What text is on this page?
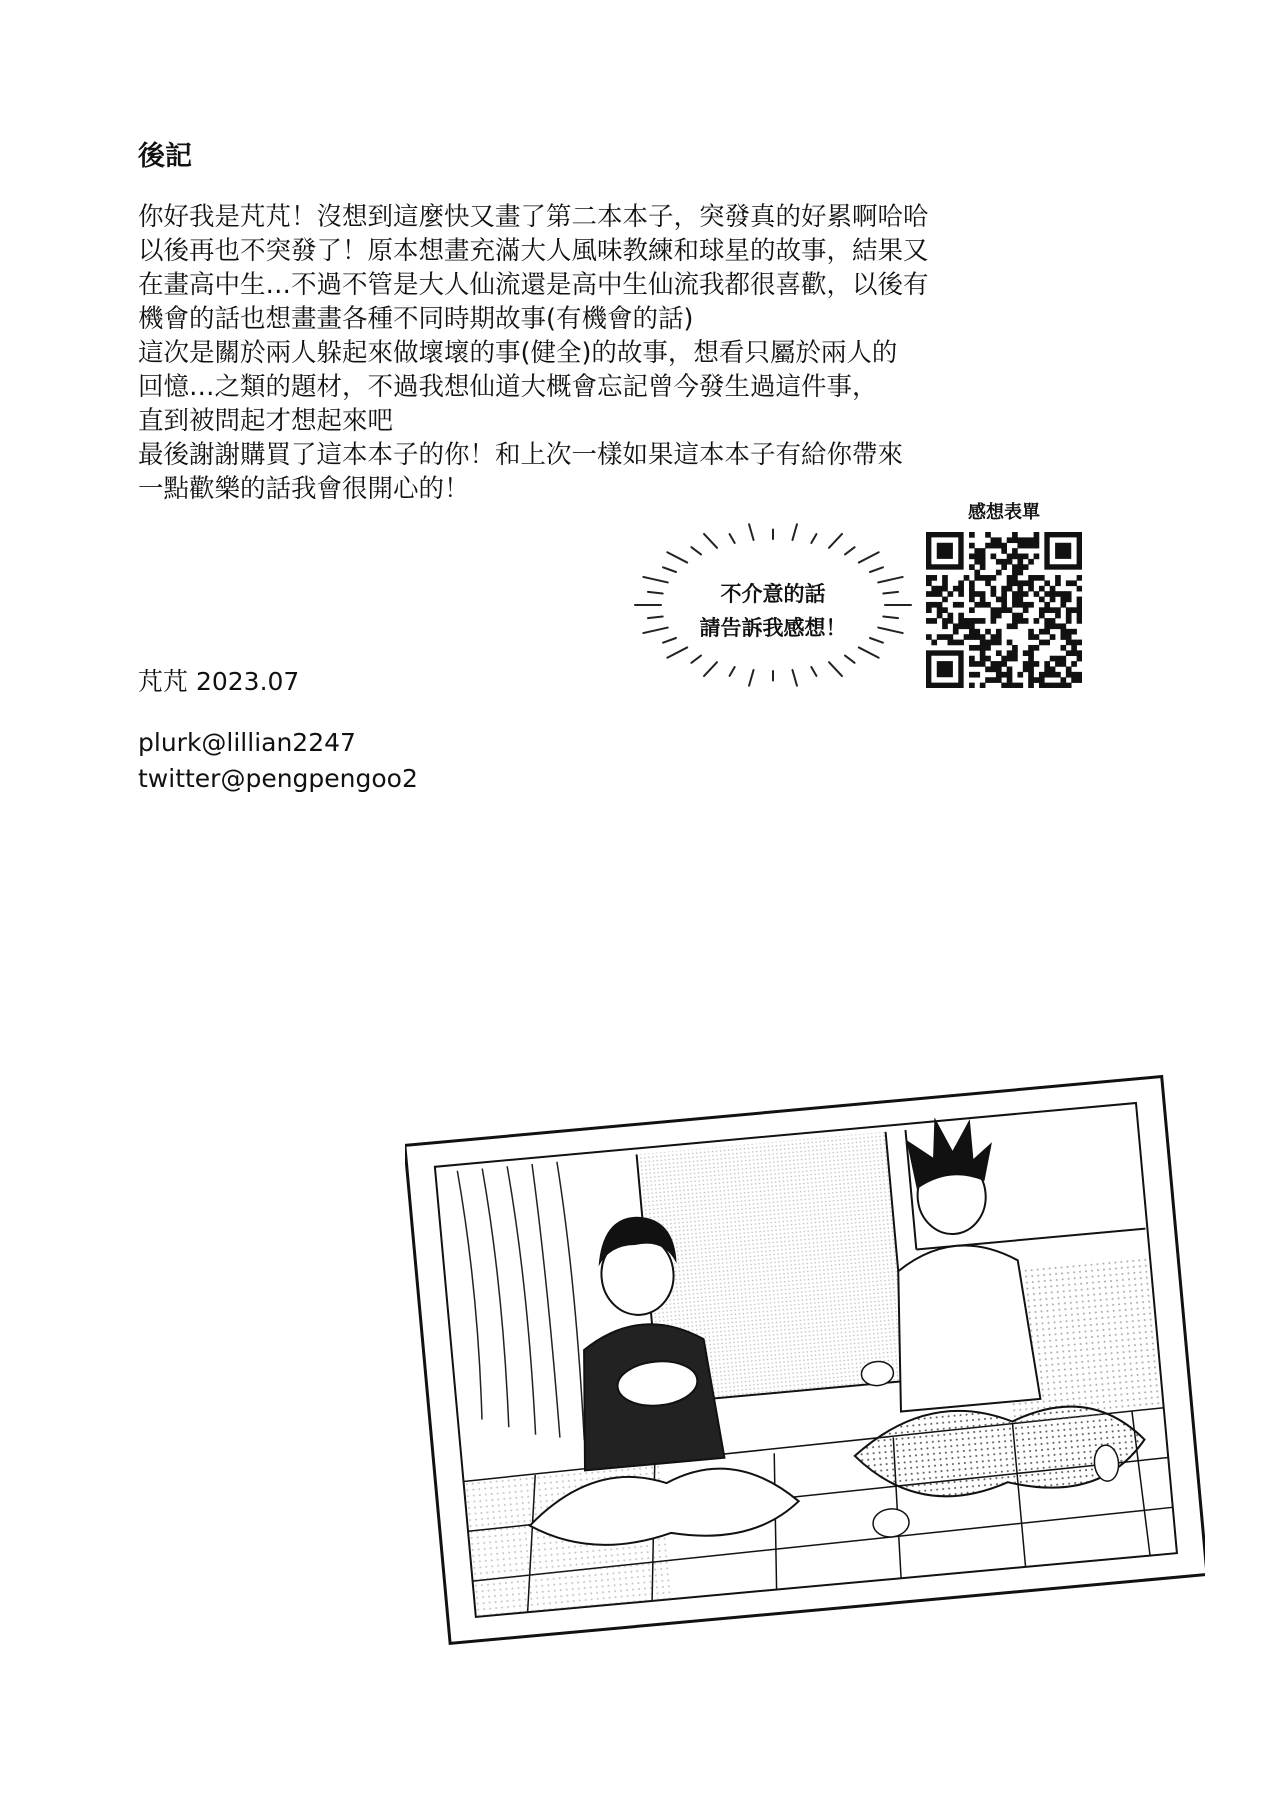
後記
你好我是芃芃！沒想到這麼快又畫了第二本本子，突發真的好累啊哈哈
以後再也不突發了！原本想畫充滿大人風味教練和球星的故事，結果又
在畫高中生…不過不管是大人仙流還是高中生仙流我都很喜歡，以後有
機會的話也想畫畫各種不同時期故事(有機會的話)
這次是關於兩人躲起來做壞壞的事(健全)的故事，想看只屬於兩人的
回憶…之類的題材，不過我想仙道大概會忘記曾今發生過這件事，
直到被問起才想起來吧
最後謝謝購買了這本本子的你！和上次一樣如果這本本子有給你帶來
一點歡樂的話我會很開心的！
不介意的話
請告訴我感想！
感想表單
芃芃 2023.07
plurk@lillian2247
twitter@pengpengoo2
